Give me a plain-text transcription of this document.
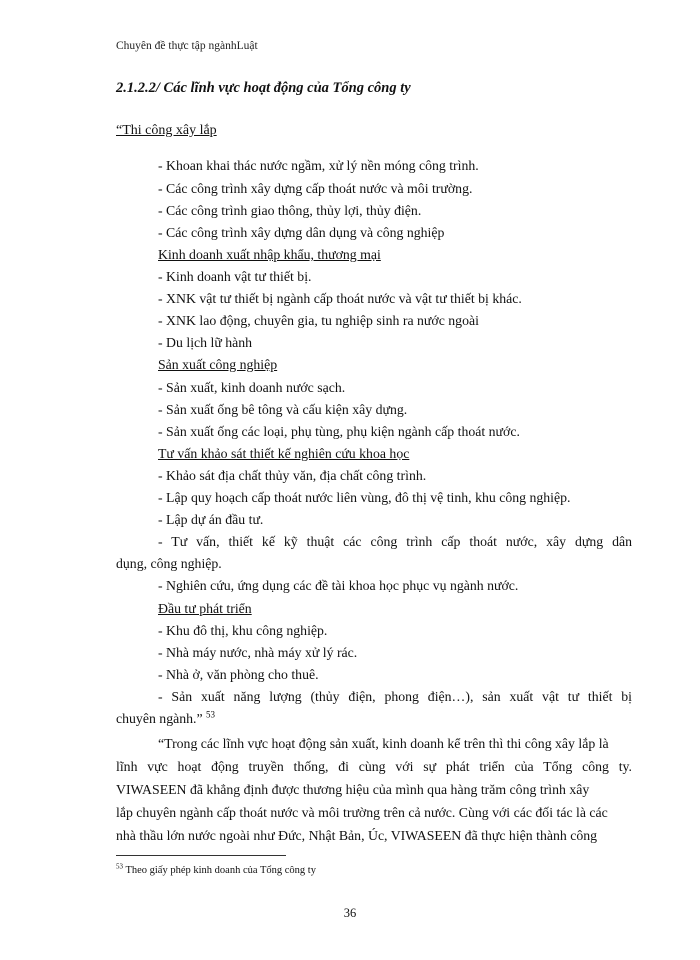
Chuyên đề thực tập ngànhLuật
2.1.2.2/ Các lĩnh vực hoạt động của Tổng công ty
“Thi công xây lắp
- Khoan khai thác nước ngầm, xử lý nền móng công trình.
- Các công trình xây dựng cấp thoát nước và môi trường.
- Các công trình giao thông, thủy lợi, thủy điện.
- Các công trình xây dựng dân dụng và công nghiệp
Kinh doanh xuất nhập khẩu, thương mại
- Kinh doanh vật tư thiết bị.
- XNK vật tư thiết bị ngành cấp thoát nước và vật tư thiết bị khác.
- XNK lao động, chuyên gia, tu nghiệp sinh ra nước ngoài
- Du lịch lữ hành
Sản xuất công nghiệp
- Sản xuất, kinh doanh nước sạch.
- Sản xuất ống bê tông và cấu kiện xây dựng.
- Sản xuất ống các loại, phụ tùng, phụ kiện ngành cấp thoát nước.
Tư vấn khảo sát thiết kế nghiên cứu khoa học
- Khảo sát địa chất thủy văn, địa chất công trình.
- Lập quy hoạch cấp thoát nước liên vùng, đô thị vệ tinh, khu công nghiệp.
- Lập dự án đầu tư.
- Tư vấn, thiết kế kỹ thuật các công trình cấp thoát nước, xây dựng dân
dụng, công nghiệp.
- Nghiên cứu, ứng dụng các đề tài khoa học phục vụ ngành nước.
Đầu tư phát triển
- Khu đô thị, khu công nghiệp.
- Nhà máy nước, nhà máy xử lý rác.
- Nhà ở, văn phòng cho thuê.
- Sản xuất năng lượng (thủy điện, phong điện…), sản xuất vật tư thiết bị
chuyên ngành.” $^{53}$
“Trong các lĩnh vực hoạt động sản xuất, kinh doanh kể trên thì thi công xây lắp là
lĩnh vực hoạt động truyền thống, đi cùng với sự phát triển của Tổng công ty.
VIWASEEN đã khẳng định được thương hiệu của mình qua hàng trăm công trình xây
lắp chuyên ngành cấp thoát nước và môi trường trên cả nước. Cùng với các đối tác là các
nhà thầu lớn nước ngoài như Đức, Nhật Bản, Úc, VIWASEEN đã thực hiện thành công
$^{53}$ Theo giấy phép kinh doanh của Tổng công ty
36
